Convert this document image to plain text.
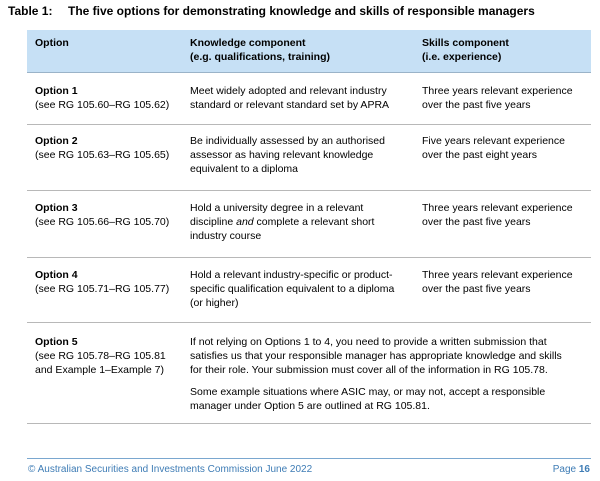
Table 1: The five options for demonstrating knowledge and skills of responsible managers
Option	Knowledge component
(e.g. qualifications, training)
Skills component
(i.e. experience)
Option 1
(see RG 105.60–RG 105.62)
Meet widely adopted and relevant industry
standard or relevant standard set by APRA
Three years relevant experience
over the past five years
Option 2
(see RG 105.63–RG 105.65)
Be individually assessed by an authorised
assessor as having relevant knowledge
equivalent to a diploma
Five years relevant experience
over the past eight years
Option 3
(see RG 105.66–RG 105.70)
Hold a university degree in a relevant
discipline and complete a relevant short
industry course
Three years relevant experience
over the past five years
Option 4
(see RG 105.71–RG 105.77)
Hold a relevant industry-specific or product-
specific qualification equivalent to a diploma
(or higher)
Three years relevant experience
over the past five years
Option 5
(see RG 105.78–RG 105.81
and Example 1–Example 7)
If not relying on Options 1 to 4, you need to provide a written submission that
satisfies us that your responsible manager has appropriate knowledge and skills
for their role. Your submission must cover all of the information in RG 105.78.
Some example situations where ASIC may, or may not, accept a responsible
manager under Option 5 are outlined at RG 105.81.
© Australian Securities and Investments Commission June 2022	Page 16
